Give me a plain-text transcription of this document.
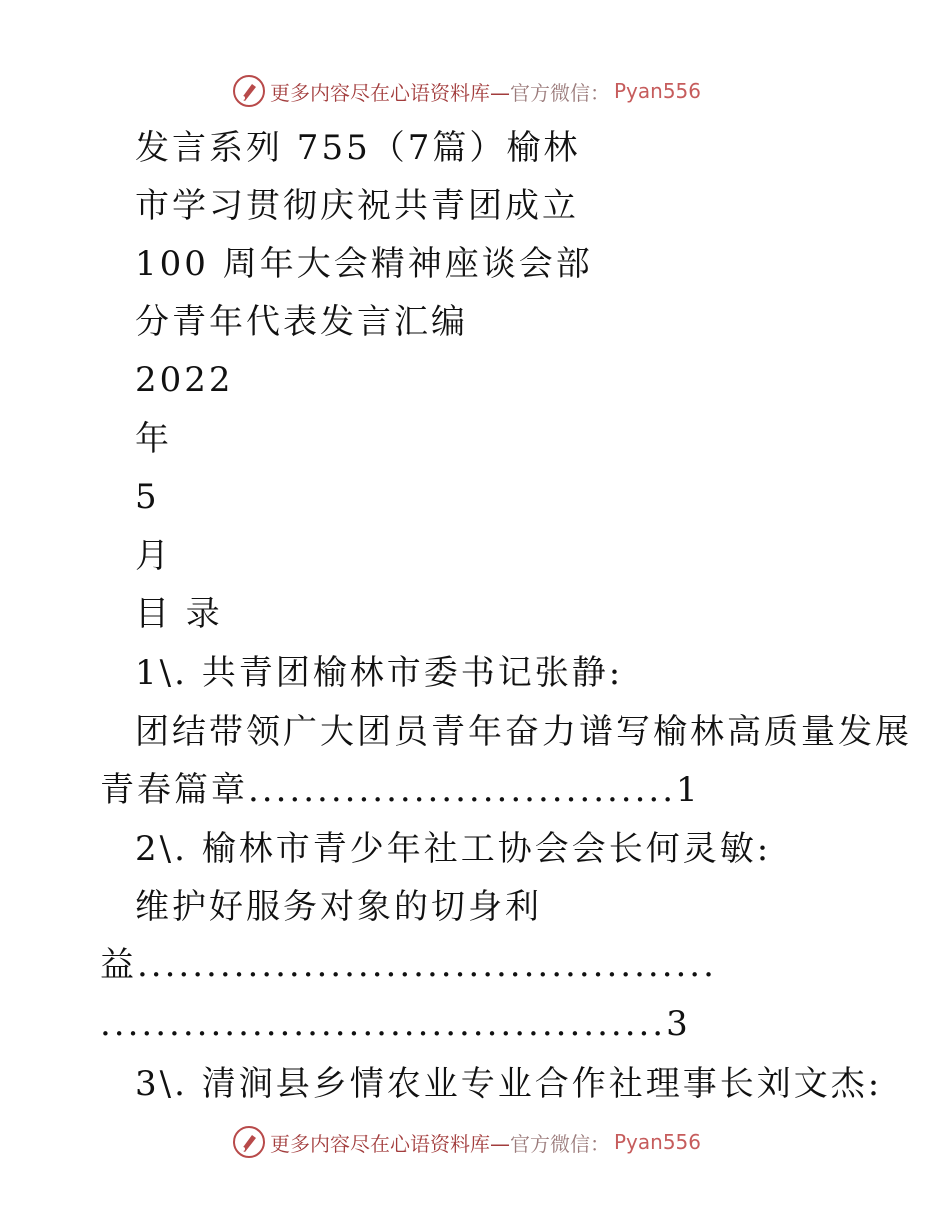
更多内容尽在心语资料库— 官方微信： Pyan556
发言系列 755（7篇）榆林
市学习贯彻庆祝共青团成立
100 周年大会精神座谈会部
分青年代表发言汇编
2022
年
5
月
目 录
1\. 共青团榆林市委书记张静:
团结带领广大团员青年奋力谱写榆林高质量发展
青春篇章...............................1
2\. 榆林市青少年社工协会会长何灵敏:
维护好服务对象的切身利
益..........................................
.........................................3
3\. 清涧县乡情农业专业合作社理事长刘文杰:
更多内容尽在心语资料库— 官方微信： Pyan556
